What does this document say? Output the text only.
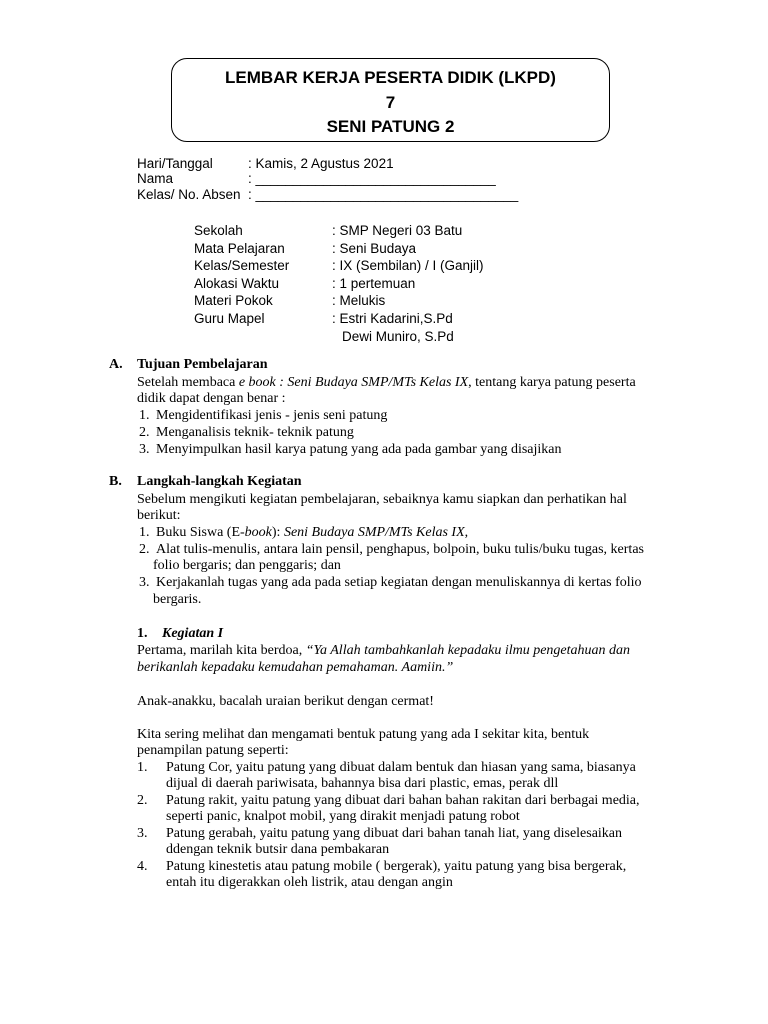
LEMBAR KERJA PESERTA DIDIK (LKPD)
7
SENI PATUNG 2
Hari/Tanggal	: Kamis, 2 Agustus 2021
Nama	: ________________________________
Kelas/ No. Absen : ___________________________________
Sekolah	: SMP Negeri 03 Batu
Mata Pelajaran	: Seni Budaya
Kelas/Semester	: IX (Sembilan) / I (Ganjil)
Alokasi Waktu	: 1 pertemuan
Materi Pokok	: Melukis
Guru Mapel	: Estri Kadarini,S.Pd
Dewi Muniro, S.Pd
A. Tujuan Pembelajaran
Setelah membaca e book : Seni Budaya SMP/MTs Kelas IX, tentang karya patung peserta
didik dapat dengan benar :
1. Mengidentifikasi jenis - jenis seni patung
2. Menganalisis teknik- teknik patung
3. Menyimpulkan hasil karya patung yang ada pada gambar yang disajikan
B. Langkah-langkah Kegiatan
Sebelum mengikuti kegiatan pembelajaran, sebaiknya kamu siapkan dan perhatikan hal
berikut:
1. Buku Siswa (E-book): Seni Budaya SMP/MTs Kelas IX,
2. Alat tulis-menulis, antara lain pensil, penghapus, bolpoin, buku tulis/buku tugas, kertas
folio bergaris; dan penggaris; dan
3. Kerjakanlah tugas yang ada pada setiap kegiatan dengan menuliskannya di kertas folio
bergaris.
1. Kegiatan I
Pertama, marilah kita berdoa, “Ya Allah tambahkanlah kepadaku ilmu pengetahuan dan
berikanlah kepadaku kemudahan pemahaman. Aamiin.”
Anak-anakku, bacalah uraian berikut dengan cermat!
Kita sering melihat dan mengamati bentuk patung yang ada I sekitar kita, bentuk
penampilan patung seperti:
1. Patung Cor, yaitu patung yang dibuat dalam bentuk dan hiasan yang sama, biasanya
dijual di daerah pariwisata, bahannya bisa dari plastic, emas, perak dll
2. Patung rakit, yaitu patung yang dibuat dari bahan bahan rakitan dari berbagai media,
seperti panic, knalpot mobil, yang dirakit menjadi patung robot
3. Patung gerabah, yaitu patung yang dibuat dari bahan tanah liat, yang diselesaikan
ddengan teknik butsir dana pembakaran
4. Patung kinestetis atau patung mobile ( bergerak), yaitu patung yang bisa bergerak,
entah itu digerakkan oleh listrik, atau dengan angin
